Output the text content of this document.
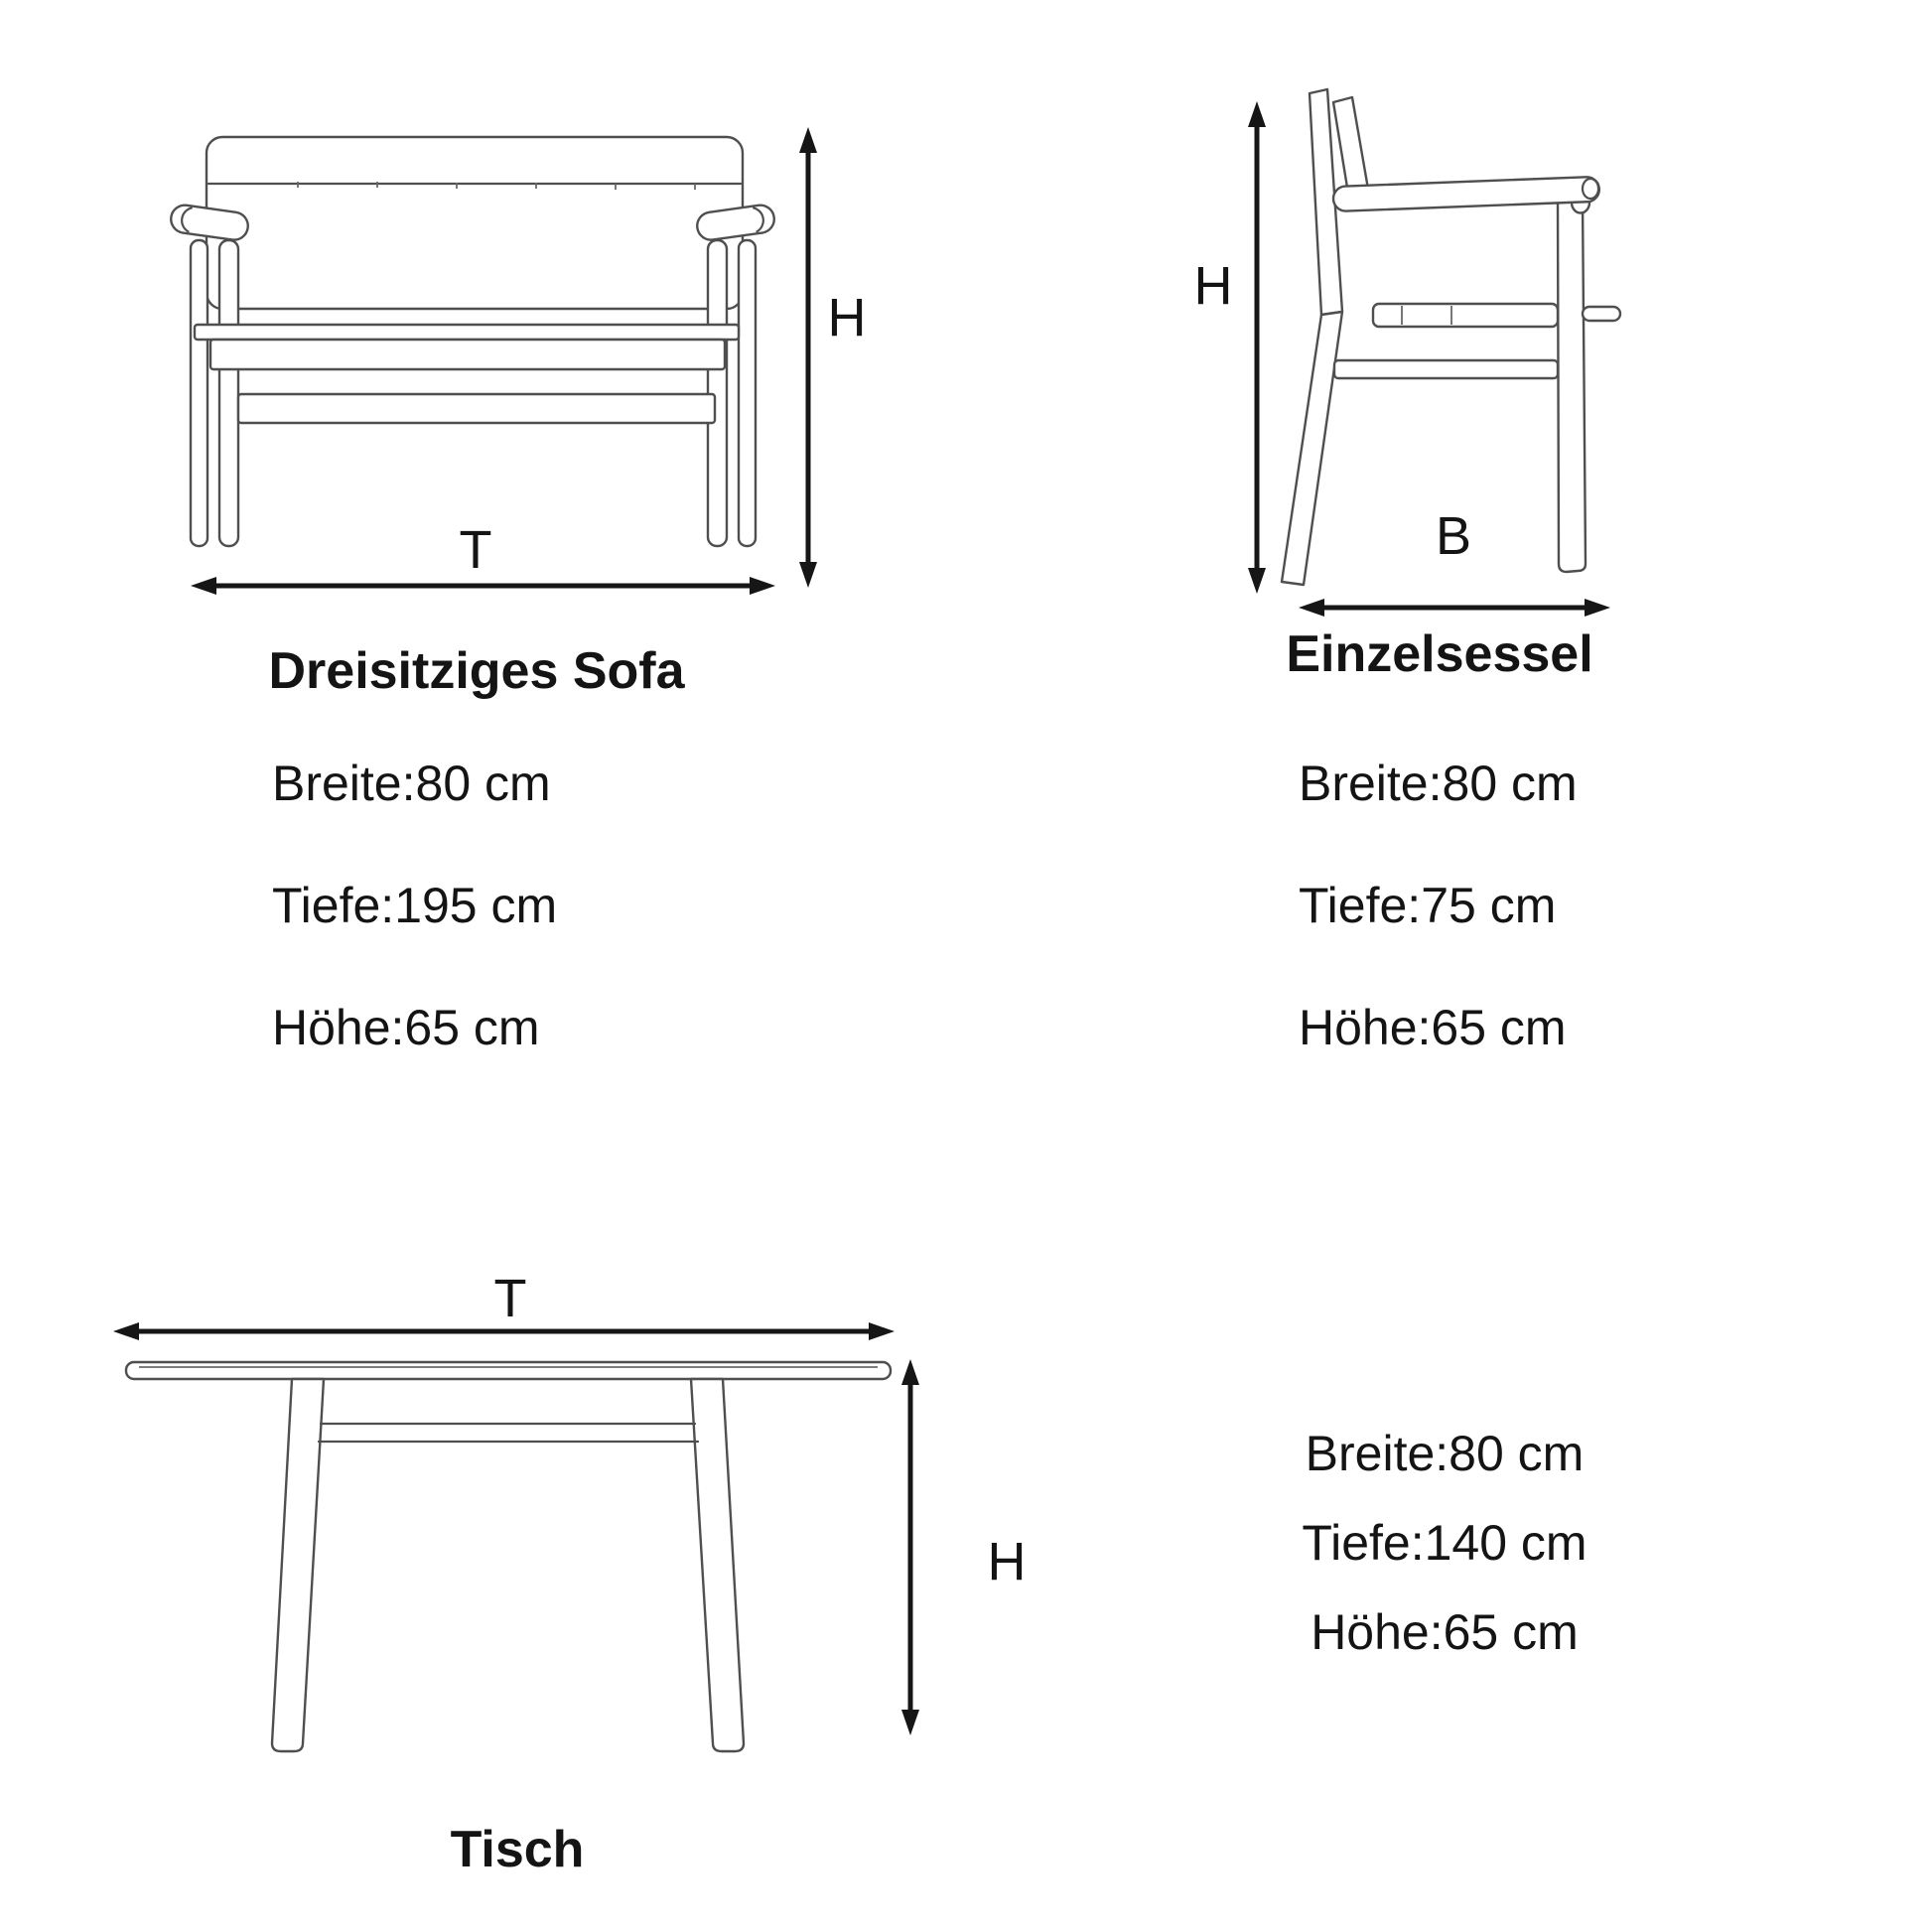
H
T
Dreisitziges Sofa
Breite:80 cm
Tiefe:195 cm
Höhe:65 cm
H
B
Einzelsessel
Breite:80 cm
Tiefe:75 cm
Höhe:65 cm
T
H
Tisch
Breite:80 cm
Tiefe:140 cm
Höhe:65 cm
